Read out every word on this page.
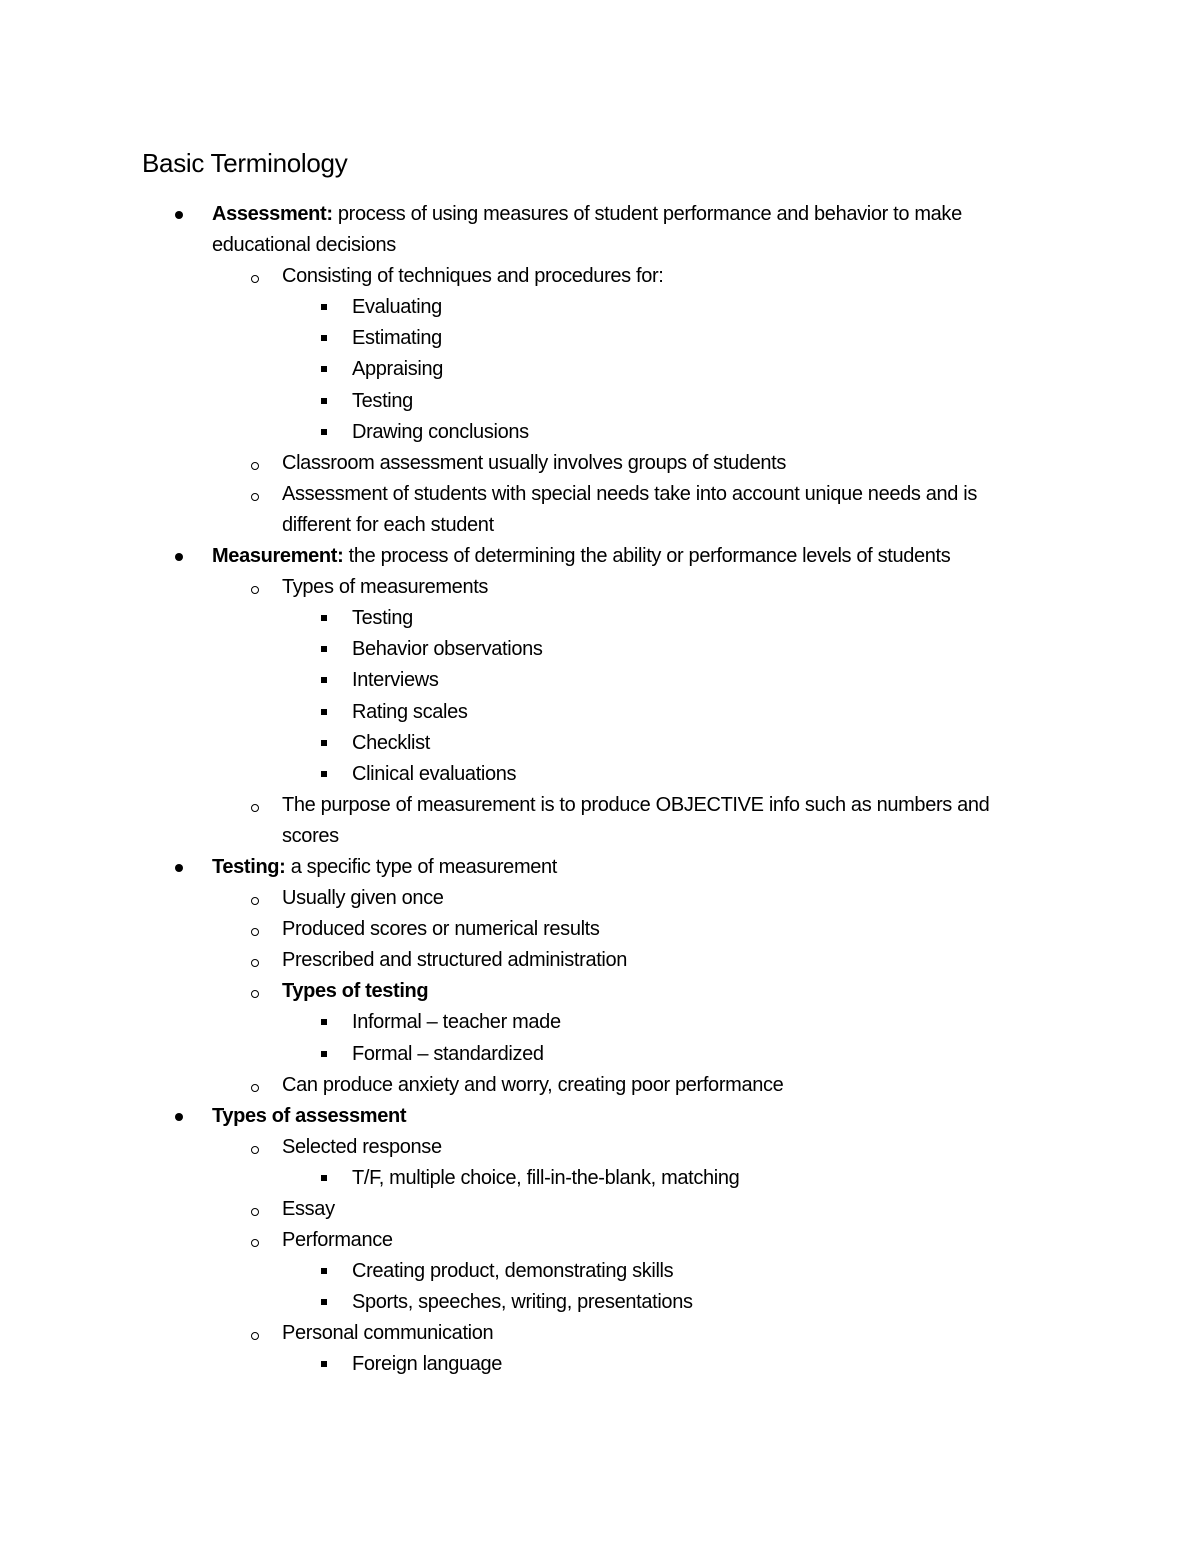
Basic Terminology
Assessment: process of using measures of student performance and behavior to make
educational decisions
Consisting of techniques and procedures for:
Evaluating
Estimating
Appraising
Testing
Drawing conclusions
Classroom assessment usually involves groups of students
Assessment of students with special needs take into account unique needs and is
different for each student
Measurement: the process of determining the ability or performance levels of students
Types of measurements
Testing
Behavior observations
Interviews
Rating scales
Checklist
Clinical evaluations
The purpose of measurement is to produce OBJECTIVE info such as numbers and
scores
Testing: a specific type of measurement
Usually given once
Produced scores or numerical results
Prescribed and structured administration
Types of testing
Informal – teacher made
Formal – standardized
Can produce anxiety and worry, creating poor performance
Types of assessment
Selected response
T/F, multiple choice, fill-in-the-blank, matching
Essay
Performance
Creating product, demonstrating skills
Sports, speeches, writing, presentations
Personal communication
Foreign language
